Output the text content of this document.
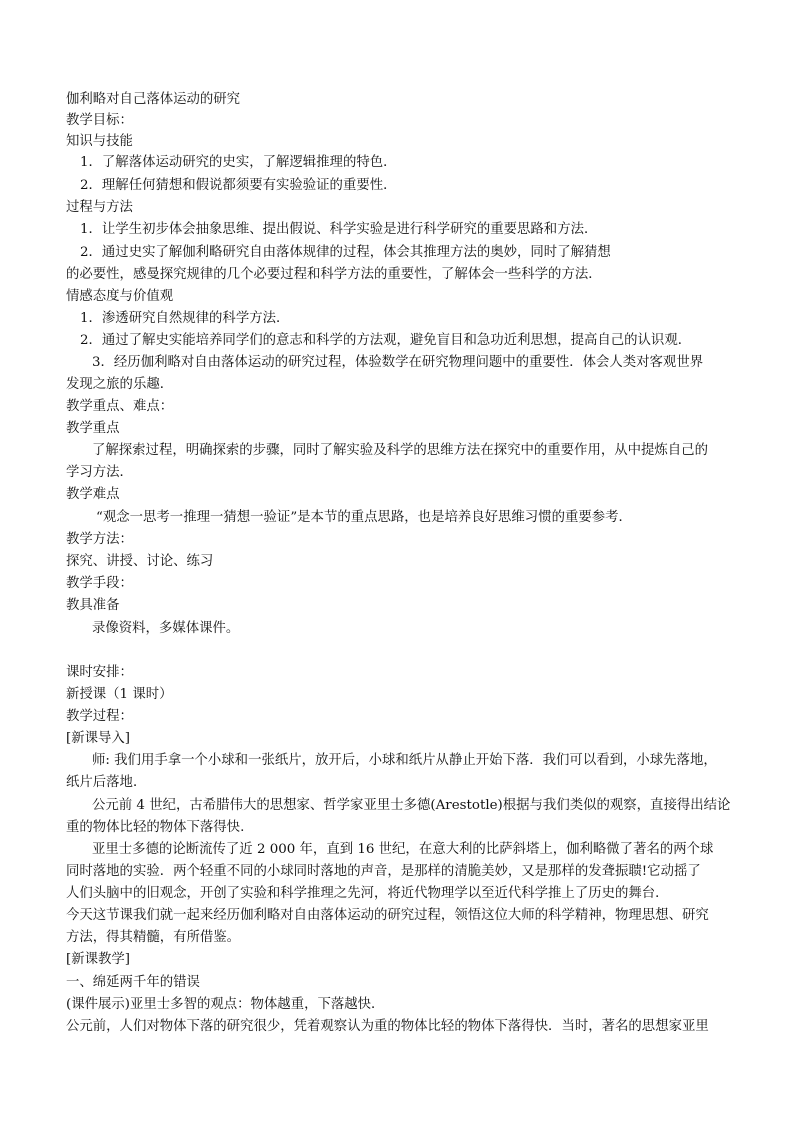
伽利略对自己落体运动的研究
教学目标：
知识与技能
1．了解落体运动研究的史实，了解逻辑推理的特色．
2．理解任何猜想和假说都须要有实验验证的重要性．
过程与方法
1．让学生初步体会抽象思维、提出假说、科学实验是进行科学研究的重要思路和方法．
2．通过史实了解伽利略研究自由落体规律的过程，体会其推理方法的奥妙，同时了解猜想
的必要性，感曼探究规律的几个必要过程和科学方法的重要性，了解体会一些科学的方法．
情感态度与价值观
1．渗透研究自然规律的科学方法．
2．通过了解史实能培养同学们的意志和科学的方法观，避免盲目和急功近利思想，提高自己的认识观．
3．经历伽利略对自由落体运动的研究过程，体验数学在研究物理问题中的重要性．体会人类对客观世界
发现之旅的乐趣．
教学重点、难点：
教学重点
了解探索过程，明确探索的步骤，同时了解实验及科学的思维方法在探究中的重要作用，从中提炼自己的
学习方法．
教学难点
“观念一思考一推理一猜想一验证”是本节的重点思路，也是培养良好思维习惯的重要参考．
教学方法：
探究、讲授、讨论、练习
教学手段：
教具准备
录像资料，多媒体课件。
课时安排：
新授课（1 课时）
教学过程：
[新课导入]
师: 我们用手拿一个小球和一张纸片，放开后，小球和纸片从静止开始下落．我们可以看到，小球先落地，
纸片后落地．
公元前 4 世纪，古希腊伟大的思想家、哲学家亚里士多德(Arestotle)根据与我们类似的观察，直接得出结论
重的物体比轻的物体下落得快.
亚里士多德的论断流传了近 2 000 年，直到 16 世纪，在意大利的比萨斜塔上，伽利略微了著名的两个球
同时落地的实验．两个轻重不同的小球同时落地的声音，是那样的清脆美妙，又是那样的发聋振聩!它动摇了
人们头脑中的旧观念，开创了实验和科学推理之先河，将近代物理学以至近代科学推上了历史的舞台．
今天这节课我们就一起来经历伽利略对自由落体运动的研究过程，领悟这位大师的科学精神，物理思想、研究
方法，得其精髓，有所借鉴。
[新课教学]
一、绵延两千年的错误
(课件展示)亚里士多智的观点：物体越重，下落越快．
公元前，人们对物体下落的研究很少，凭着观察认为重的物体比轻的物体下落得快．当时，著名的思想家亚里
